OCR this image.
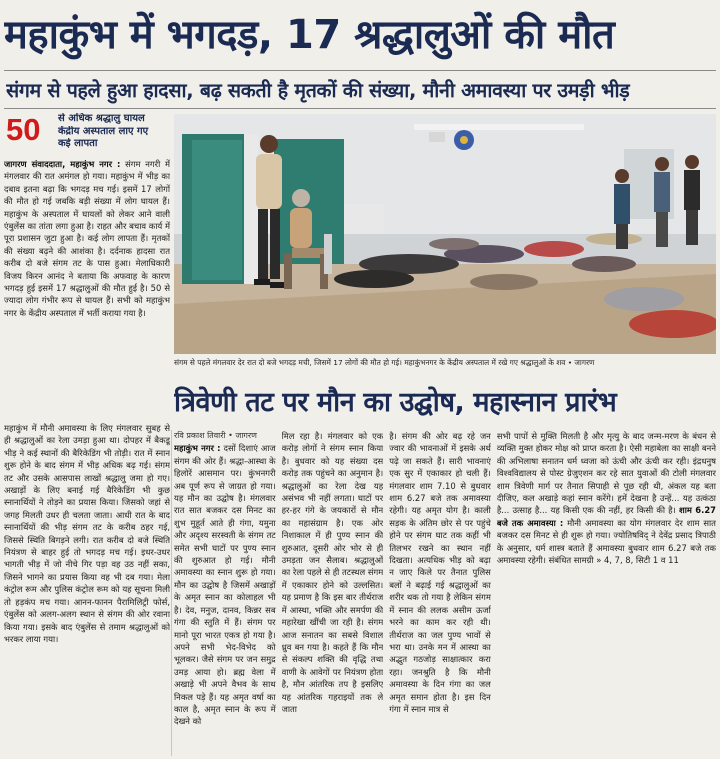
महाकुंभ में भगदड़, 17 श्रद्धालुओं की मौत
संगम से पहले हुआ हादसा, बढ़ सकती है मृतकों की संख्या, मौनी अमावस्या पर उमड़ी भीड़
50	से अधिक श्रद्धालु घायल
केंद्रीय अस्पताल लाए गए
कई लापता
जागरण संवाददाता, महाकुंभ नगर : संगम नगरी में मंगलवार की रात अमंगल हो गया। महाकुंभ में भीड़ का दबाव इतना बढ़ा कि भगदड़ मच गई। इसमें 17 लोगों की मौत हो गई जबकि बड़ी संख्या में लोग घायल हैं। महाकुंभ के अस्पताल में घायलों को लेकर आने वाली एंबुलेंस का तांता लगा हुआ है। राहत और बचाव कार्य में पूरा प्रशासन जुटा हुआ है। कई लोग लापता हैं। मृतकों की संख्या बढ़ने की आशंका है। दर्दनाक हादसा रात करीब दो बजे संगम तट के पास हुआ। मेलाधिकारी विजय किरन आनंद ने बताया कि अफवाह के कारण भगदड़ हुई इसमें 17 श्रद्धालुओं की मौत हुई है। 50 से ज्यादा लोग गंभीर रूप से घायल हैं। सभी को महाकुंभ नगर के केंद्रीय अस्पताल में भर्ती कराया गया है।
संगम से पहले मंगलवार देर रात दो बजे भगदड़ मची, जिसमें 17 लोगों की मौत हो गई। महाकुंभनगर के केंद्रीय अस्पताल में रखे गए श्रद्धालुओं के शव • जागरण
त्रिवेणी तट पर मौन का उद्घोष, महास्नान प्रारंभ
महाकुंभ में मौनी अमावस्या के लिए मंगलवार सुबह से ही श्रद्धालुओं का रेला उमड़ा हुआ था। दोपहर में बैकडू भीड़ ने कई स्थानों की बैरिकेडिंग भी तोड़ी। रात में स्नान शुरू होने के बाद संगम में भीड़ अधिक बढ़ गई। संगम तट और उसके आसपास लाखों श्रद्धालु जमा हो गए। अखाड़ों के लिए बनाई गई बैरिकेडिंग भी कुछ स्नानार्थियों ने तोड़ने का प्रयास किया। जिसको जहां से जगह मिलती उधर ही चलता जाता। आधी रात के बाद स्नानार्थियों की भीड़ संगम तट के करीब ठहर गई, जिससे स्थिति बिगड़ने लगी। रात करीब दो बजे स्थिति नियंत्रण से बाहर हुई तो भगदड़ मच गई। इधर-उधर भागती भीड़ में जो नीचे गिर पड़ा वह उठ नहीं सका, जिसने भागने का प्रयास किया वह भी दब गया। मेला कंट्रोल रूम और पुलिस कंट्रोल रूम को यह सूचना मिली तो हड़कंप मच गया। आनन-फानन पैरामिलिट्री फोर्स, एंबुलेंस को अलग-अलग स्थान से संगम की ओर रवाना किया गया। इसके बाद एंबुलेंस से तमाम श्रद्धालुओं को भरकर लाया गया।
रवि प्रकाश तिवारी • जागरण
महाकुंभ नगर : दसों दिशाएं आज संगम की ओर हैं। श्रद्धा-आस्था के हिलोरें आसमान पर। कुंभनगरी अब पूर्ण रूप से जाग्रत हो गया। यह मौन का उद्घोष है। मंगलवार रात सात बजकर दस मिनट का शुभ मुहूर्त आते ही गंगा, यमुना और अदृश्य सरस्वती के संगम तट समेत सभी घाटों पर पुण्य स्नान की शुरुआत हो गई। मौनी अमावस्या का स्नान शुरू हो गया। मौन का उद्घोष है जिसमें अखाड़ों के अमृत स्नान का कोलाहल भी है। देव, मनुज, दानव, किन्नर सब गंगा की स्तुति में हैं। संगम पर मानो पूरा भारत एकत्र हो गया है। अपने सभी भेद-विभेद को भूलकर। जैसे संगम पर जन समुद्र उमड़ आया हो। ब्रह्म वेला में अखाड़े भी अपने वैभव के साथ निकल पड़े हैं। यह अमृत वर्षा का काल है, अमृत स्नान के रूप में देखने को
मिल रहा है। मंगलवार को एक करोड़ लोगों ने संगम स्नान किया है। बुधवार को यह संख्या दस करोड़ तक पहुंचने का अनुमान है। श्रद्धालुओं का रेला देख यह असंभव भी नहीं लगता। घाटों पर हर-हर गंगे के जयकारों से मौन का महासंग्राम है। एक ओर निशाकाल में ही पुण्य स्नान की शुरुआत, दूसरी ओर भोर से ही उमड़ता जन सैलाब। श्रद्धालुओं का रेला पहले से ही तटस्थल संगम में एकाकार होने को उल्लसित। यह प्रमाण है कि इस बार तीर्थराज में आस्था, भक्ति और समर्पण की महारेखा खींची जा रही है। संगम आज सनातन का सबसे विशाल ध्रुव बन गया है। कहते हैं कि मौन से संकल्प शक्ति की वृद्धि तथा वाणी के आवेगों पर नियंत्रण होता है, मौन आंतरिक तप है इसलिए यह आंतरिक गहराइयों तक ले जाता
है। संगम की ओर बढ़ रहे जन ज्वार की भावनाओं में इसके अर्थ पढ़े जा सकते हैं। सारी भावनाएं एक सुर में एकाकार हो चली हैं। मंगलवार शाम 7.10 से बुधवार शाम 6.27 बजे तक अमावस्या रहेगी। यह अमृत योग है। काली सड़क के अंतिम छोर से पर पहुंचे होने पर संगम घाट तक कहीं भी तिलभर रखने का स्थान नहीं दिखता। अत्यधिक भीड़ को बढ़ा न जाए किले पर तैनात पुलिस बलों ने बढ़ाई गई श्रद्धालुओं का शरीर थक तो गया है लेकिन संगम में स्नान की ललक असीम ऊर्जा भरने का काम कर रही थी। तीर्थराज का जल पुण्य भावों से भरा था। उनके मन में आस्था का अद्भुत गठजोड़ साक्षात्कार करा रहा। जनश्रुति है कि मौनी अमावस्या के दिन गंगा का जल अमृत समान होता है। इस दिन गंगा में स्नान मात्र से
सभी पापों से मुक्ति मिलती है और मृत्यु के बाद जन्म-मरण के बंधन से व्यक्ति मुक्त होकर मोक्ष को प्राप्त करता है। ऐसी महाबेला का साक्षी बनने की अभिलाषा सनातन धर्म ध्वजा को ऊंची और ऊंची कर रही। इंद्रधनुष विश्वविद्यालय से पोस्ट ग्रेजुएशन कर रहे सात युवाओं की टोली मंगलवार शाम त्रिवेणी मार्ग पर तैनात सिपाही से पूछ रही थी, अंकल यह बता दीजिए, कल अखाड़े कहां स्नान करेंगे। हमें देखना है उन्हें... यह उत्कंठा है... उत्साह है... यह किसी एक की नहीं, हर किसी की है। शाम 6.27 बजे तक अमावस्या : मौनी अमावस्या का योग मंगलवार देर शाम सात बजकर दस मिनट से ही शुरू हो गया। ज्योतिषविद् ने देवेंद्र प्रसाद त्रिपाठी के अनुसार, धर्म शास्त्र बताते हैं अमावस्या बुधवार शाम 6.27 बजे तक अमावस्या रहेगी। संबंधित सामग्री » 4, 7, 8, सिटी 1 व 11
